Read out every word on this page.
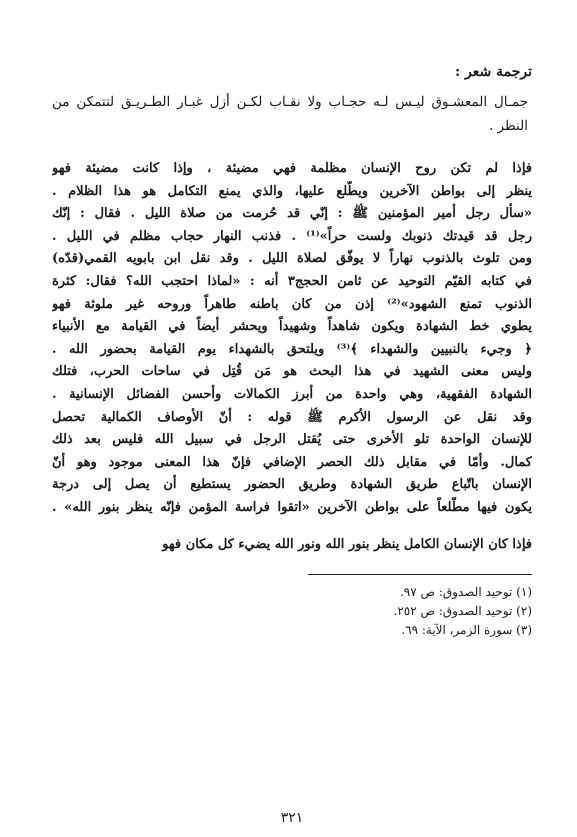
ترجمة شعر :
جمـال المعشـوق ليـس لـه حجـاب ولا نقـاب لكـن أزل غبـار الطـريـق لتتمكن من النظر .
فإذا لم تكن روح الإنسان مظلمة فهي مضيئة ، وإذا كانت مضيئة فهو
ينظر إلى بواطن الآخرين ويطّلع عليها، والذي يمنع التكامل هو هذا الظلام .
«سأل رجل أمير المؤمنين ﷺ : إنّي قد حُرمت من صلاة الليل . فقال : إنّك
رجل قد قيدتك ذنوبك ولست حراً»⁽¹⁾ . فذنب النهار حجاب مظلم في الليل .
ومن تلوث بالذنوب نهاراً لا يوفّق لصلاة الليل . وقد نقل ابن بابويه القمي(قدّه)
في كتابه القيّم التوحيد عن ثامن الحجج٣ أنه : «لماذا احتجب الله؟ فقال: كثرة
الذنوب تمنع الشهود»⁽²⁾ إذن من كان باطنه طاهراً وروحه غير ملوثة فهو
يطوي خط الشهادة ويكون شاهداً وشهيداً ويحشر أيضاً في القيامة مع الأنبياء
﴿ وجيء بالنبيين والشهداء ﴾⁽³⁾ ويلتحق بالشهداء يوم القيامة بحضور الله .
وليس معنى الشهيد في هذا البحث هو مَن قُتِل في ساحات الحرب، فتلك
الشهادة الفقهية، وهي واحدة من أبرز الكمالات وأحسن الفضائل الإنسانية .
وقد نقل عن الرسول الأكرم ﷺ قوله : أنّ الأوصاف الكمالية تحصل
للإنسان الواحدة تلو الأخرى حتى يُقتل الرجل في سبيل الله فليس بعد ذلك
كمال. وأمّا في مقابل ذلك الحصر الإضافي فإنّ هذا المعنى موجود وهو أنّ
الإنسان باتّباع طريق الشهادة وطريق الحضور يستطيع أن يصل إلى درجة
يكون فيها مطّلعاً على بواطن الآخرين «اتقوا فراسة المؤمن فإنّه ينظر بنور الله» .
فإذا كان الإنسان الكامل ينظر بنور الله ونور الله يضيء كل مكان فهو
(١) توحيد الصدوق: ص ٩٧.
(٢) توحيد الصدوق: ص ٢٥٢.
(٣) سورة الزمر، الآية: ٦٩.
٣٢١
